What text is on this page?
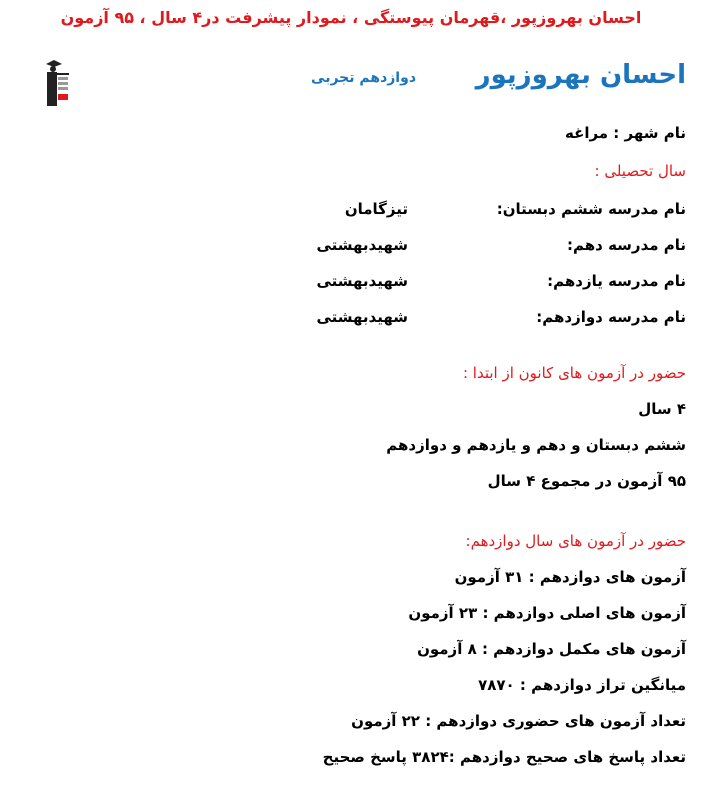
احسان بهروزپور ،قهرمان پیوستگی ، نمودار پیشرفت در۴ سال ، ۹۵ آزمون
احسان بهروزپور
دوازدهم تجربی
نام شهر : مراغه
سال تحصیلی :
نام مدرسه ششم دبستان:
تیزگامان
نام مدرسه دهم:
شهیدبهشتی
نام مدرسه یازدهم:
شهیدبهشتی
نام مدرسه دوازدهم:
شهیدبهشتی
حضور در آزمون های کانون از ابتدا :
۴ سال
ششم دبستان و دهم و یازدهم و دوازدهم
۹۵ آزمون در مجموع ۴ سال
حضور در آزمون های سال دوازدهم:
آزمون های دوازدهم : ۳۱ آزمون
آزمون های اصلی دوازدهم : ۲۳ آزمون
آزمون های مکمل دوازدهم : ۸ آزمون
میانگین تراز دوازدهم : ۷۸۷۰
تعداد آزمون های حضوری دوازدهم : ۲۲ آزمون
تعداد پاسخ های صحیح دوازدهم :۳۸۲۴ پاسخ صحیح
